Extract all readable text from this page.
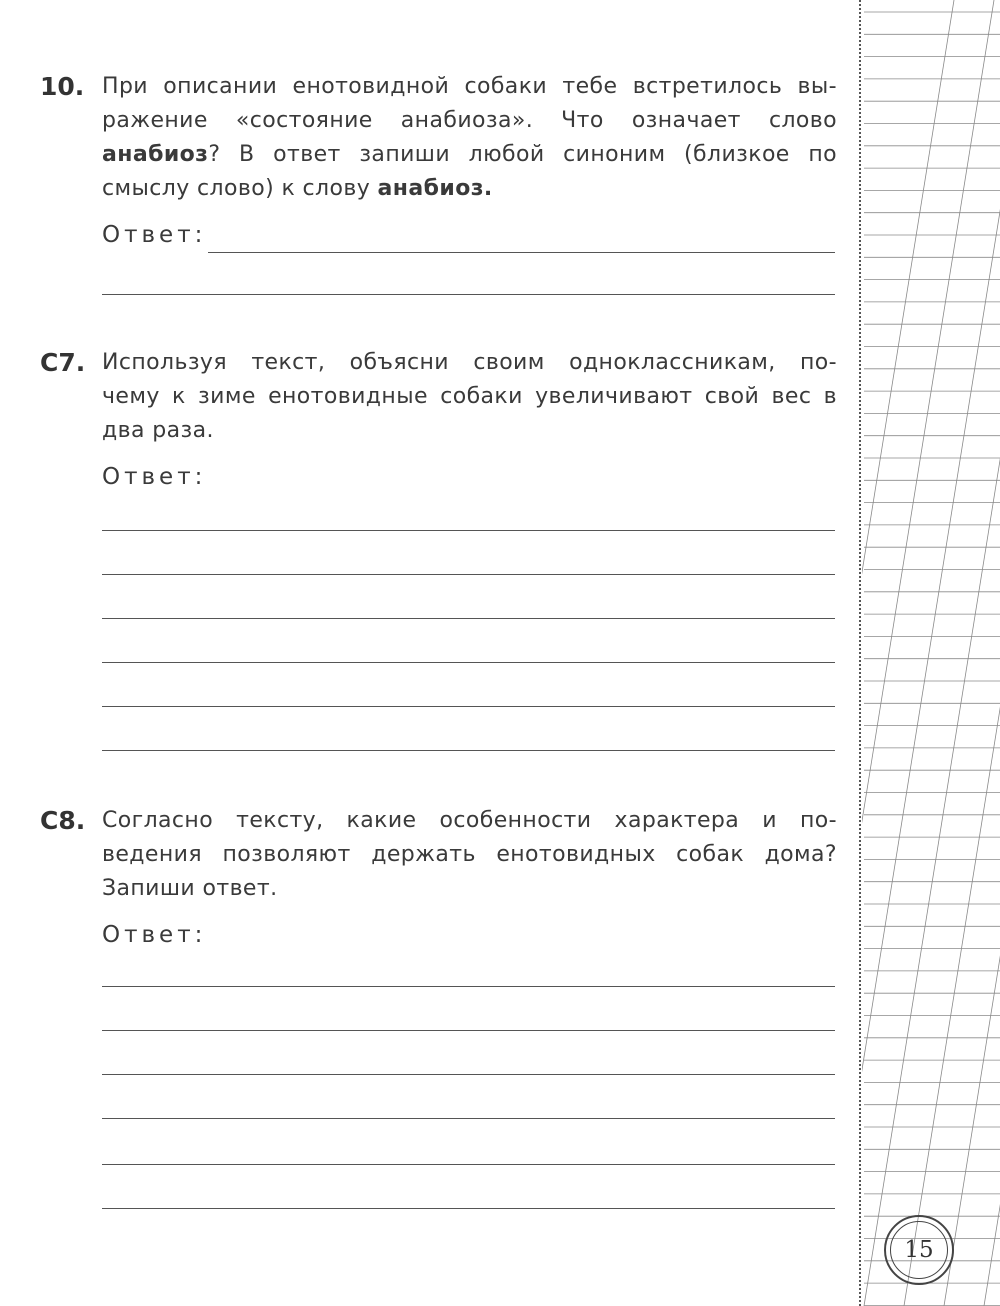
10. При описании енотовидной собаки тебе встретилось вы-
ражение «состояние анабиоза». Что означает слово
анабиоз? В ответ запиши любой синоним (близкое по
смыслу слово) к слову анабиоз.
Ответ:
С7. Используя текст, объясни своим одноклассникам, по-
чему к зиме енотовидные собаки увеличивают свой вес в
два раза.
Ответ:
С8. Согласно тексту, какие особенности характера и по-
ведения позволяют держать енотовидных собак дома?
Запиши ответ.
Ответ:
15
